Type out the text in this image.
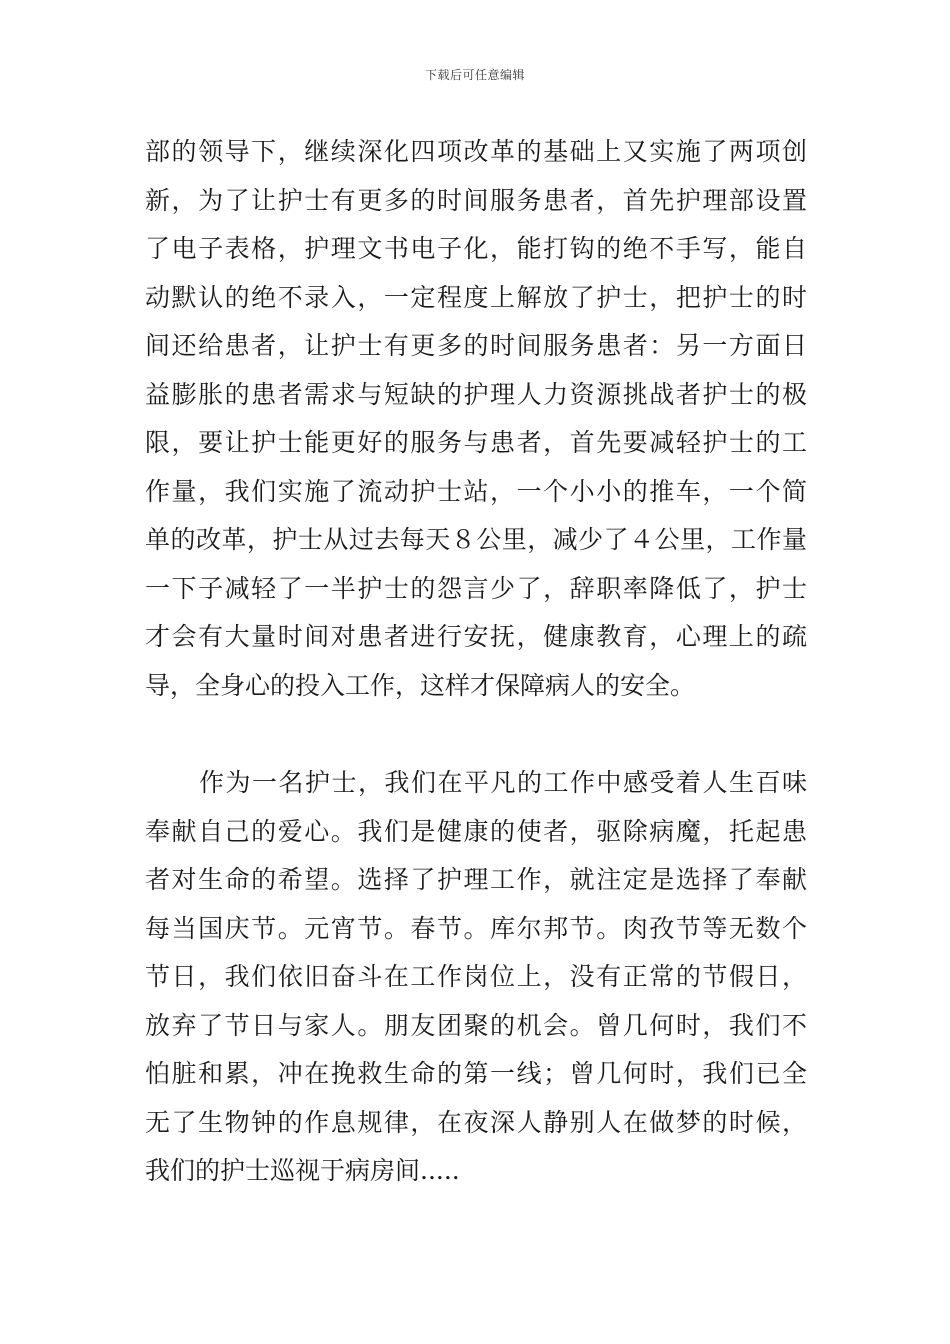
下载后可任意编辑
部的领导下，继续深化四项改革的基础上又实施了两项创
新，为了让护士有更多的时间服务患者，首先护理部设置
了电子表格，护理文书电子化，能打钩的绝不手写，能自
动默认的绝不录入，一定程度上解放了护士，把护士的时
间还给患者，让护士有更多的时间服务患者：另一方面日
益膨胀的患者需求与短缺的护理人力资源挑战者护士的极
限，要让护士能更好的服务与患者，首先要减轻护士的工
作量，我们实施了流动护士站，一个小小的推车，一个简
单的改革，护士从过去每天８公里，减少了４公里，工作量
一下子减轻了一半护士的怨言少了，辞职率降低了，护士
才会有大量时间对患者进行安抚，健康教育，心理上的疏
导，全身心的投入工作，这样才保障病人的安全。
作为一名护士，我们在平凡的工作中感受着人生百味
奉献自己的爱心。我们是健康的使者，驱除病魔，托起患
者对生命的希望。选择了护理工作，就注定是选择了奉献
每当国庆节。元宵节。春节。库尔邦节。肉孜节等无数个
节日，我们依旧奋斗在工作岗位上，没有正常的节假日，
放弃了节日与家人。朋友团聚的机会。曾几何时，我们不
怕脏和累，冲在挽救生命的第一线；曾几何时，我们已全
无了生物钟的作息规律，在夜深人静别人在做梦的时候，
我们的护士巡视于病房间.....
